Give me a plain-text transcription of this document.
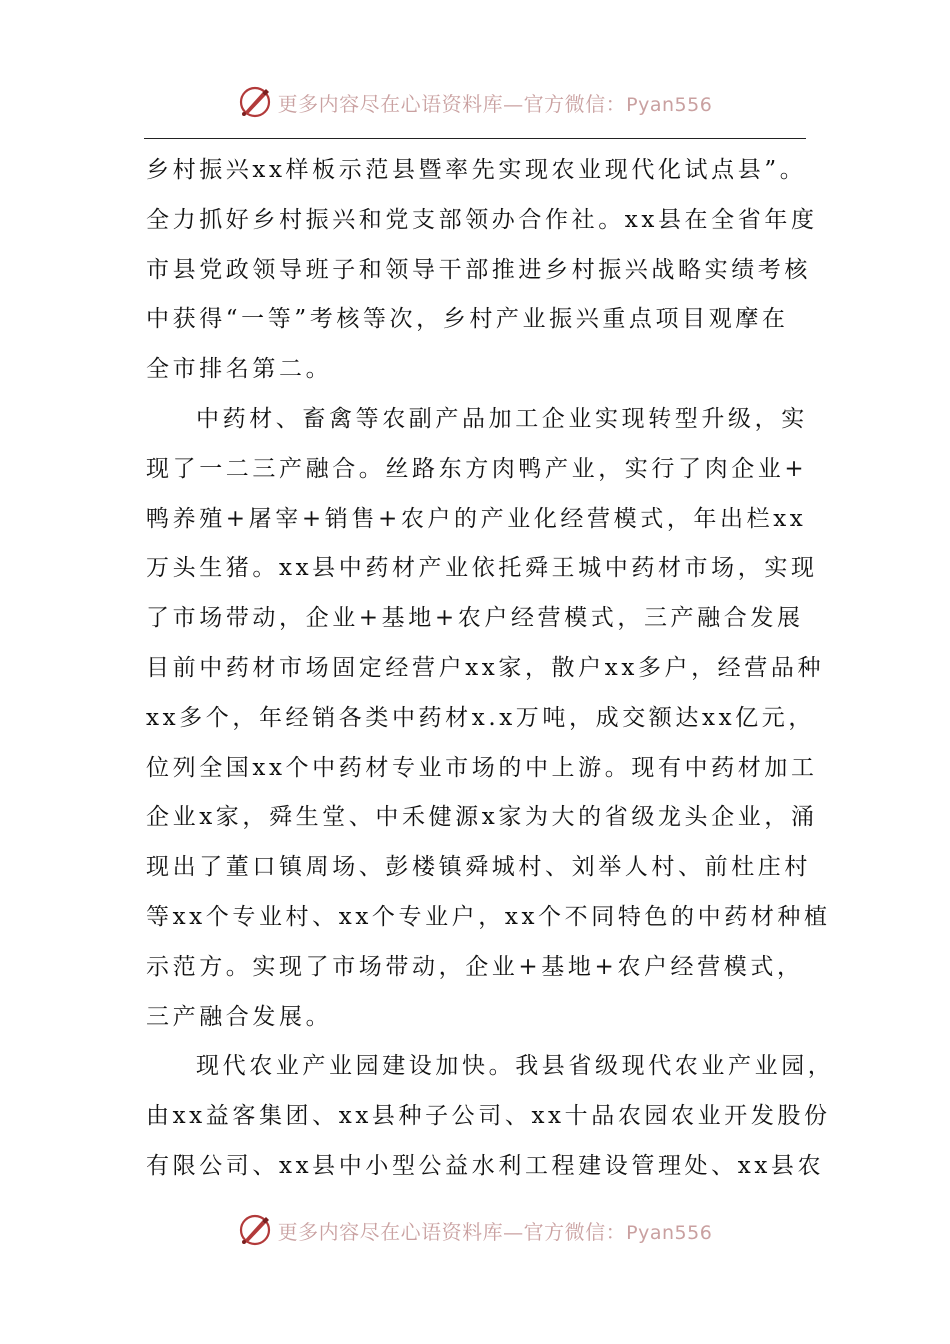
更多内容尽在心语资料库—官方微信：Pyan556
乡村振兴xx样板示范县暨率先实现农业现代化试点县”。
全力抓好乡村振兴和党支部领办合作社。xx县在全省年度
市县党政领导班子和领导干部推进乡村振兴战略实绩考核
中获得“一等”考核等次，乡村产业振兴重点项目观摩在
全市排名第二。
中药材、畜禽等农副产品加工企业实现转型升级，实
现了一二三产融合。丝路东方肉鸭产业，实行了肉企业+
鸭养殖+屠宰+销售+农户的产业化经营模式，年出栏xx
万头生猪。xx县中药材产业依托舜王城中药材市场，实现
了市场带动，企业+基地+农户经营模式，三产融合发展
目前中药材市场固定经营户xx家，散户xx多户，经营品种
xx多个，年经销各类中药材x.x万吨，成交额达xx亿元，
位列全国xx个中药材专业市场的中上游。现有中药材加工
企业x家，舜生堂、中禾健源x家为大的省级龙头企业，涌
现出了董口镇周场、彭楼镇舜城村、刘举人村、前杜庄村
等xx个专业村、xx个专业户，xx个不同特色的中药材种植
示范方。实现了市场带动，企业+基地+农户经营模式，
三产融合发展。
现代农业产业园建设加快。我县省级现代农业产业园，
由xx益客集团、xx县种子公司、xx十品农园农业开发股份
有限公司、xx县中小型公益水利工程建设管理处、xx县农
更多内容尽在心语资料库—官方微信：Pyan556
